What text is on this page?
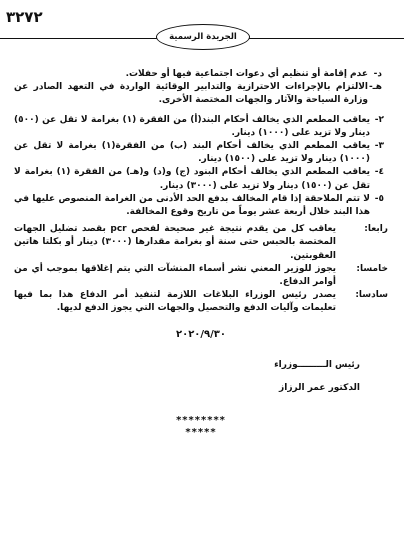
٣٢٧٢
الجريدة الرسمية
د-
عدم إقامة أو تنظيم أي دعوات اجتماعية فيها أو حفلات.
هـ-
الالتزام بالإجراءات الاحترازية والتدابير الوقائية الواردة في التعهد الصادر عن وزارة السياحة والآثار والجهات المختصة الأخرى.
٢-
يعاقب المطعم الذي يخالف أحكام البند(أ) من الفقرة (١) بغرامة لا تقل عن (٥٠٠) دينار ولا تزيد على (١٠٠٠) دينار.
٣-
يعاقب المطعم الذي يخالف أحكام البند (ب) من الفقرة(١) بغرامة لا تقل عن (١٠٠٠) دينار ولا تزيد على (١٥٠٠) دينار.
٤-
يعاقب المطعم الذي يخالف أحكام البنود (ج) و(د) و(هـ) من الفقرة (١) بغرامة لا تقل عن (١٥٠٠) دينار ولا تزيد على (٣٠٠٠) دينار.
٥-
لا تتم الملاحقة إذا قام المخالف بدفع الحد الأدنى من الغرامة المنصوص عليها في هذا البند خلال أربعة عشر يوماً من تاريخ وقوع المخالفة.
رابعا:
يعاقب كل من يقدم نتيجة غير صحيحة لفحص pcr بقصد تضليل الجهات المختصة بالحبس حتى سنة أو بغرامة مقدارها (٣٠٠٠) دينار أو بكلتا هاتين العقوبتين.
خامسا:
يجوز للوزير المعني نشر أسماء المنشآت التي يتم إغلاقها بموجب أي من أوامر الدفاع.
سادسا:
يصدر رئيس الوزراء البلاغات اللازمة لتنفيذ أمر الدفاع هذا بما فيها تعليمات وآليات الدفع والتحصيل والجهات التي يجوز الدفع لديها.
٢٠٢٠/٩/٣٠
رئيس الـــــــــوزراء
الدكتور عمر الرزاز
********
*****
